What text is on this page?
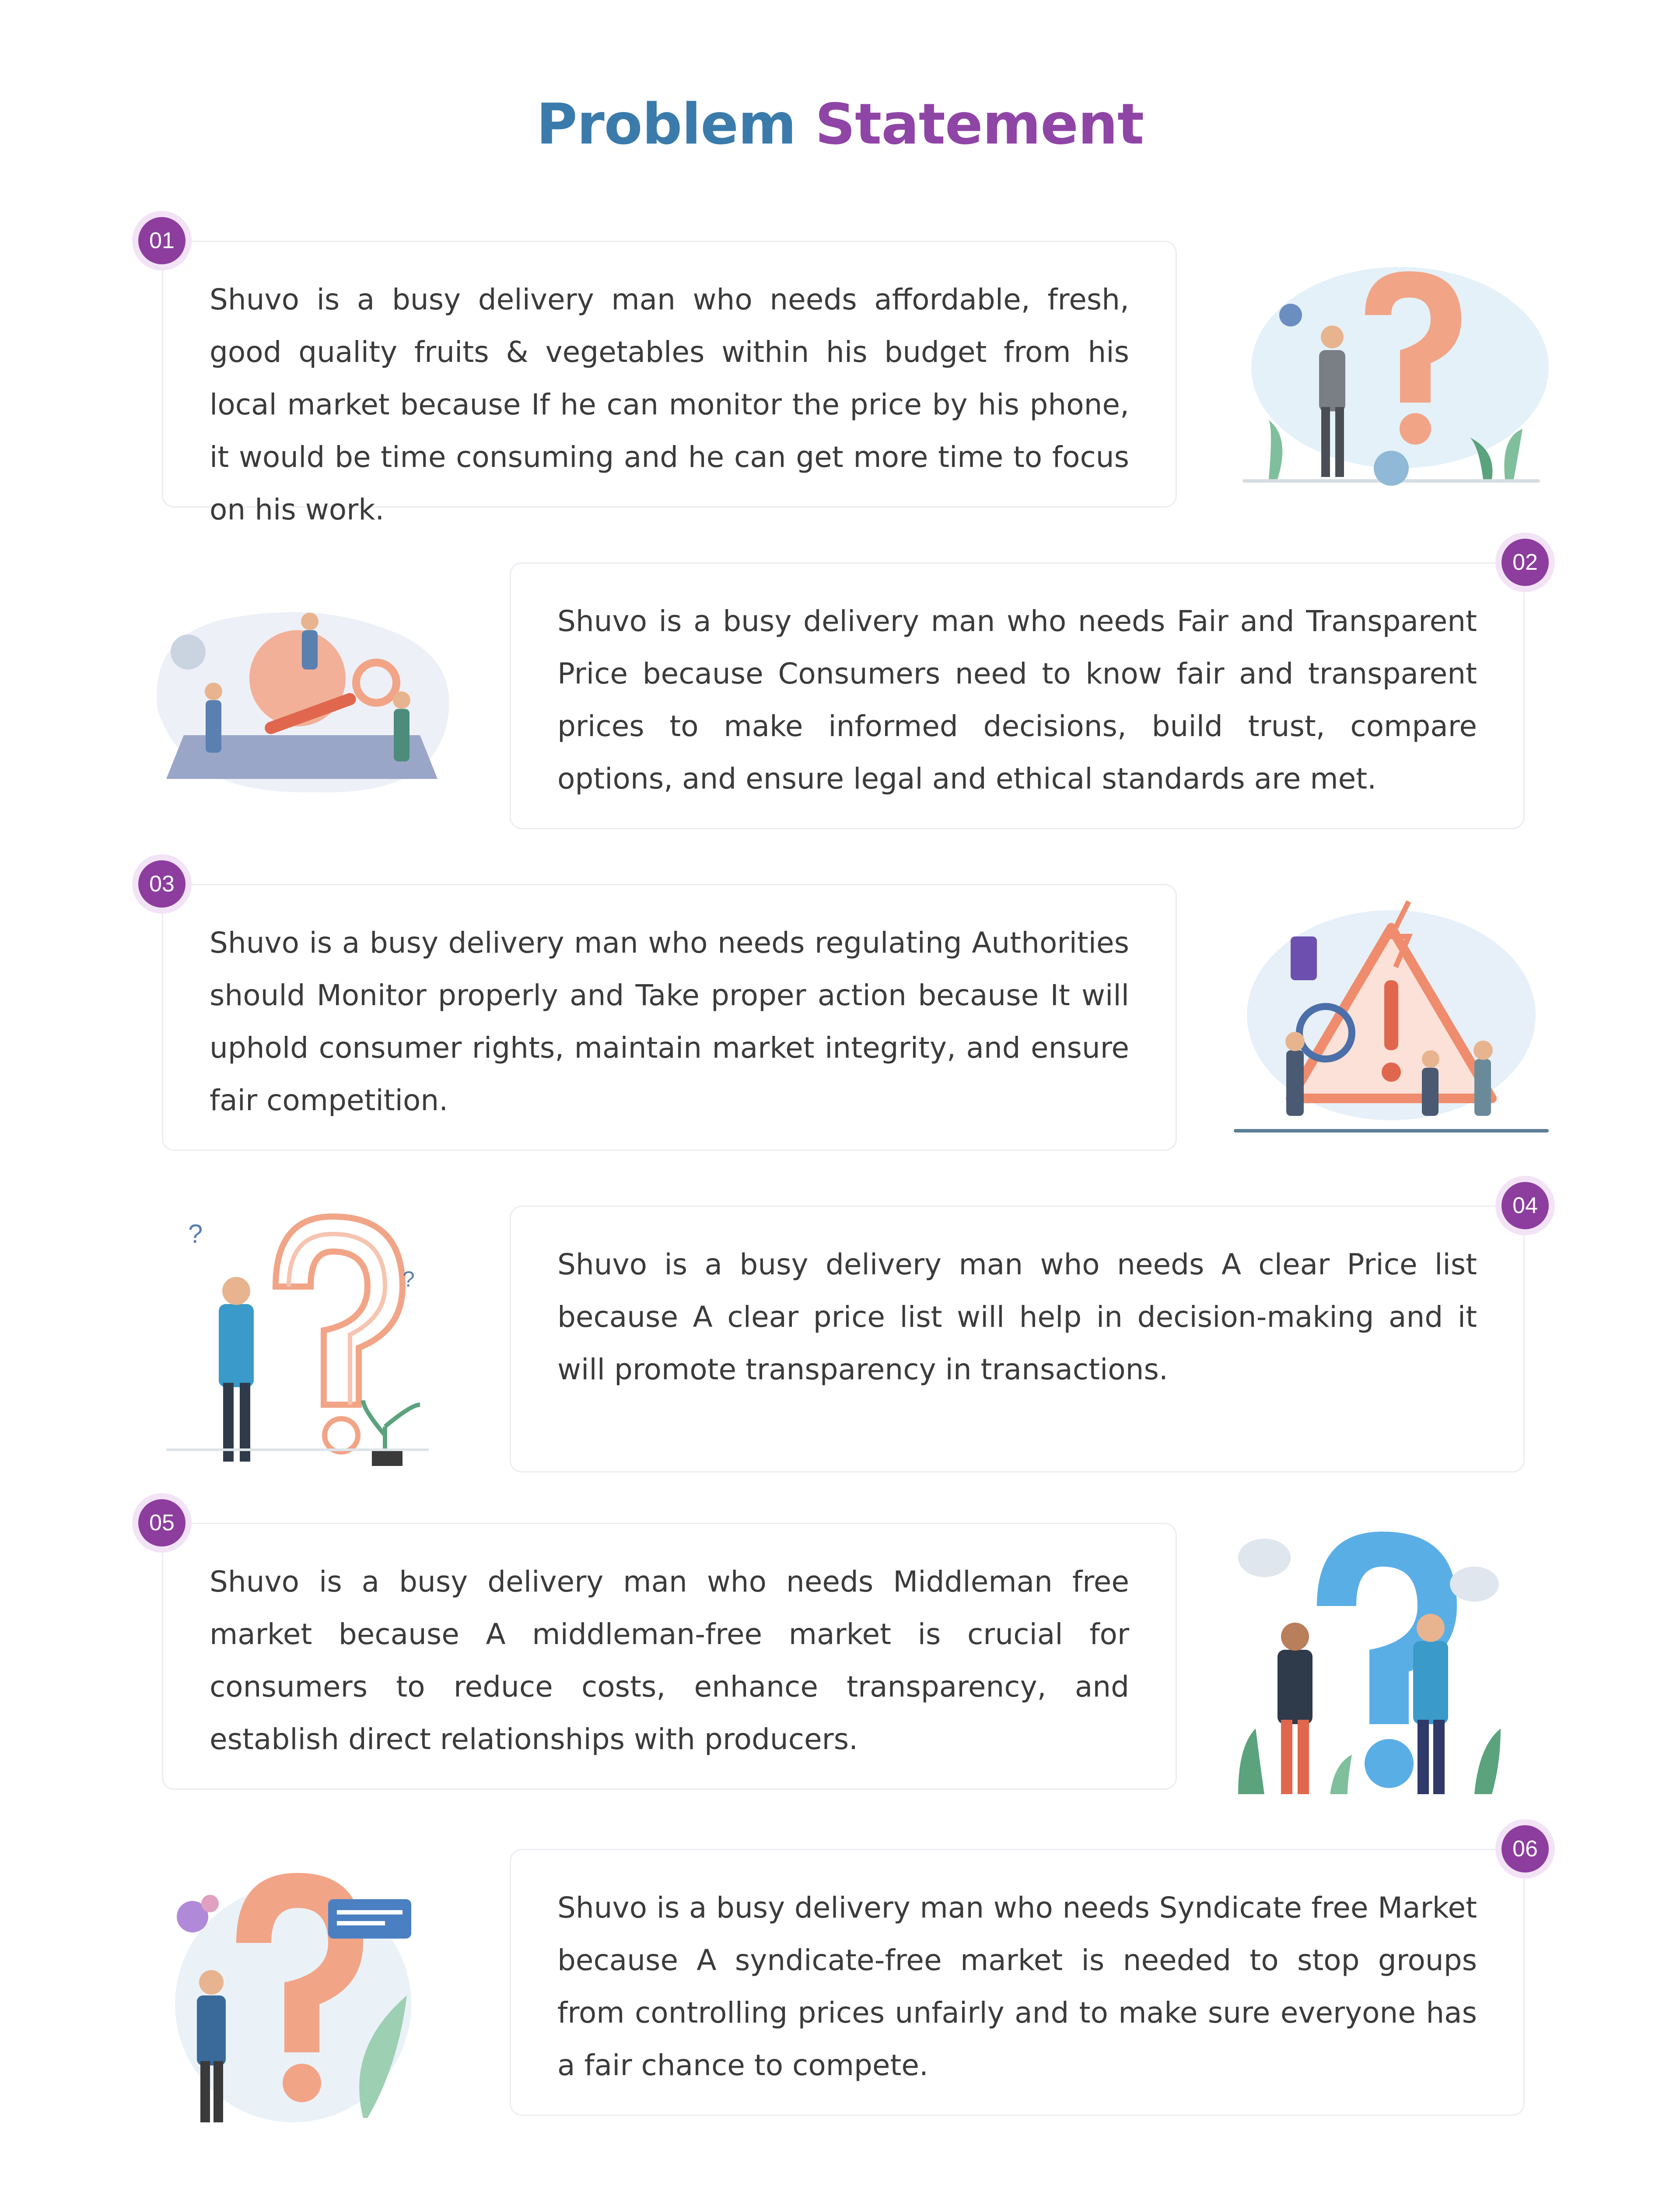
Problem Statement

Shuvo is a busy delivery man who needs affordable, fresh, good quality fruits & vegetables within his budget from his local market because If he can monitor the price by his phone, it would be time consuming and he can get more time to focus on his work.

01

Shuvo is a busy delivery man who needs Fair and Transparent Price because Consumers need to know fair and transparent prices to make informed decisions, build trust, compare options, and ensure legal and ethical standards are met.

02

Shuvo is a busy delivery man who needs regulating Authorities should Monitor properly and Take proper action because It will uphold consumer rights, maintain market integrity, and ensure fair competition.

03

Shuvo is a busy delivery man who needs A clear Price list because A clear price list will help in decision-making and it will promote transparency in transactions.

04
?
?

Shuvo is a busy delivery man who needs Middleman free market because A middleman-free market is crucial for consumers to reduce costs, enhance transparency, and establish direct relationships with producers.

05

Shuvo is a busy delivery man who needs Syndicate free Market because A syndicate-free market is needed to stop groups from controlling prices unfairly and to make sure everyone has a fair chance to compete.

06
